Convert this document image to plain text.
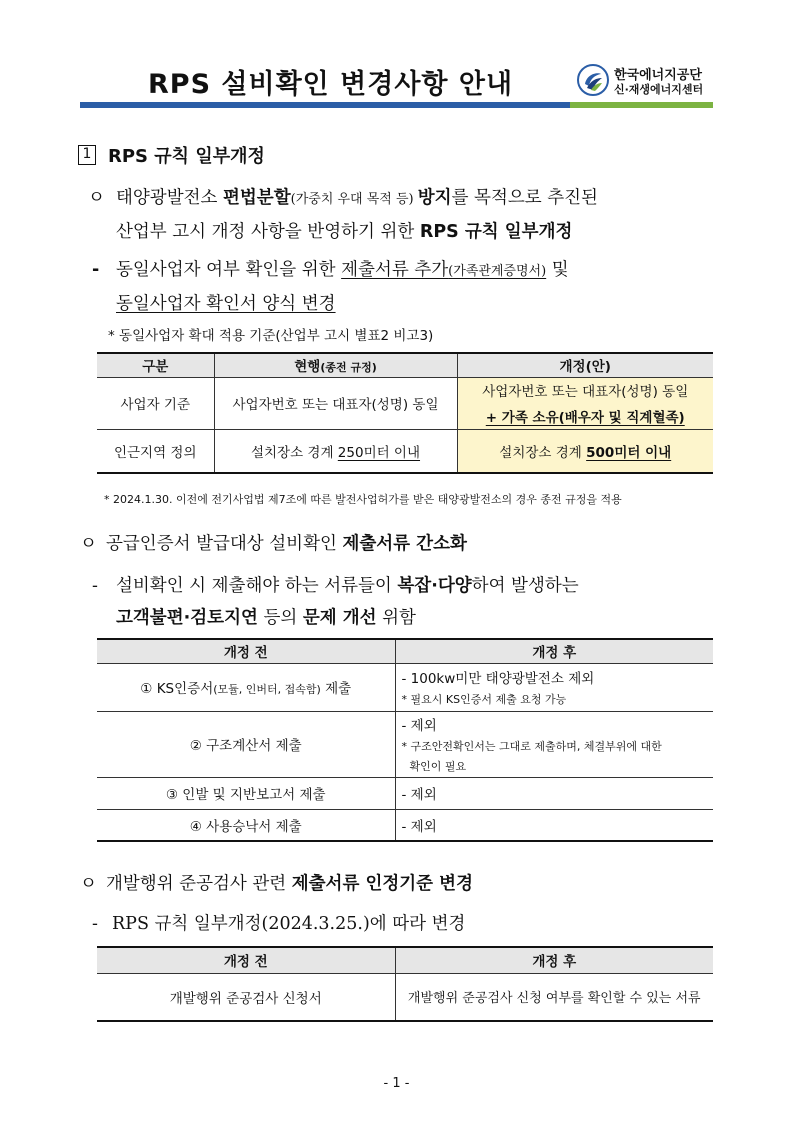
RPS 설비확인 변경사항 안내	한국에너지공단
신·재생에너지센터
1 RPS 규칙 일부개정
ㅇ 태양광발전소 편법분할(가중치 우대 목적 등) 방지를 목적으로 추진된
산업부 고시 개정 사항을 반영하기 위한 RPS 규칙 일부개정
- 동일사업자 여부 확인을 위한 제출서류 추가(가족관계증명서) 및
동일사업자 확인서 양식 변경
* 동일사업자 확대 적용 기준(산업부 고시 별표2 비고3)
구분	현행(종전 규정)	개정(안)
사업자 기준	사업자번호 또는 대표자(성명) 동일	사업자번호 또는 대표자(성명) 동일
+ 가족 소유(배우자 및 직계혈족)

인근지역 정의	설치장소 경계 250미터 이내	설치장소 경계 500미터 이내
* 2024.1.30. 이전에 전기사업법 제7조에 따른 발전사업허가를 받은 태양광발전소의 경우 종전 규정을 적용
ㅇ 공급인증서 발급대상 설비확인 제출서류 간소화
-	설비확인 시 제출해야 하는 서류들이 복잡·다양하여 발생하는
고객불편·검토지연 등의 문제 개선 위함
개정 전	개정 후
① KS인증서(모듈, 인버터, 접속함) 제출	- 100kw미만 태양광발전소 제외
* 필요시 KS인증서 제출 요청 가능

② 구조계산서 제출	- 제외
* 구조안전확인서는 그대로 제출하며, 체결부위에 대한
확인이 필요

③ 인발 및 지반보고서 제출	- 제외
④ 사용승낙서 제출	- 제외
ㅇ 개발행위 준공검사 관련 제출서류 인정기준 변경
- RPS 규칙 일부개정(2024.3.25.)에 따라 변경
개정 전	개정 후
개발행위 준공검사 신청서	개발행위 준공검사 신청 여부를 확인할 수 있는 서류
- 1 -
